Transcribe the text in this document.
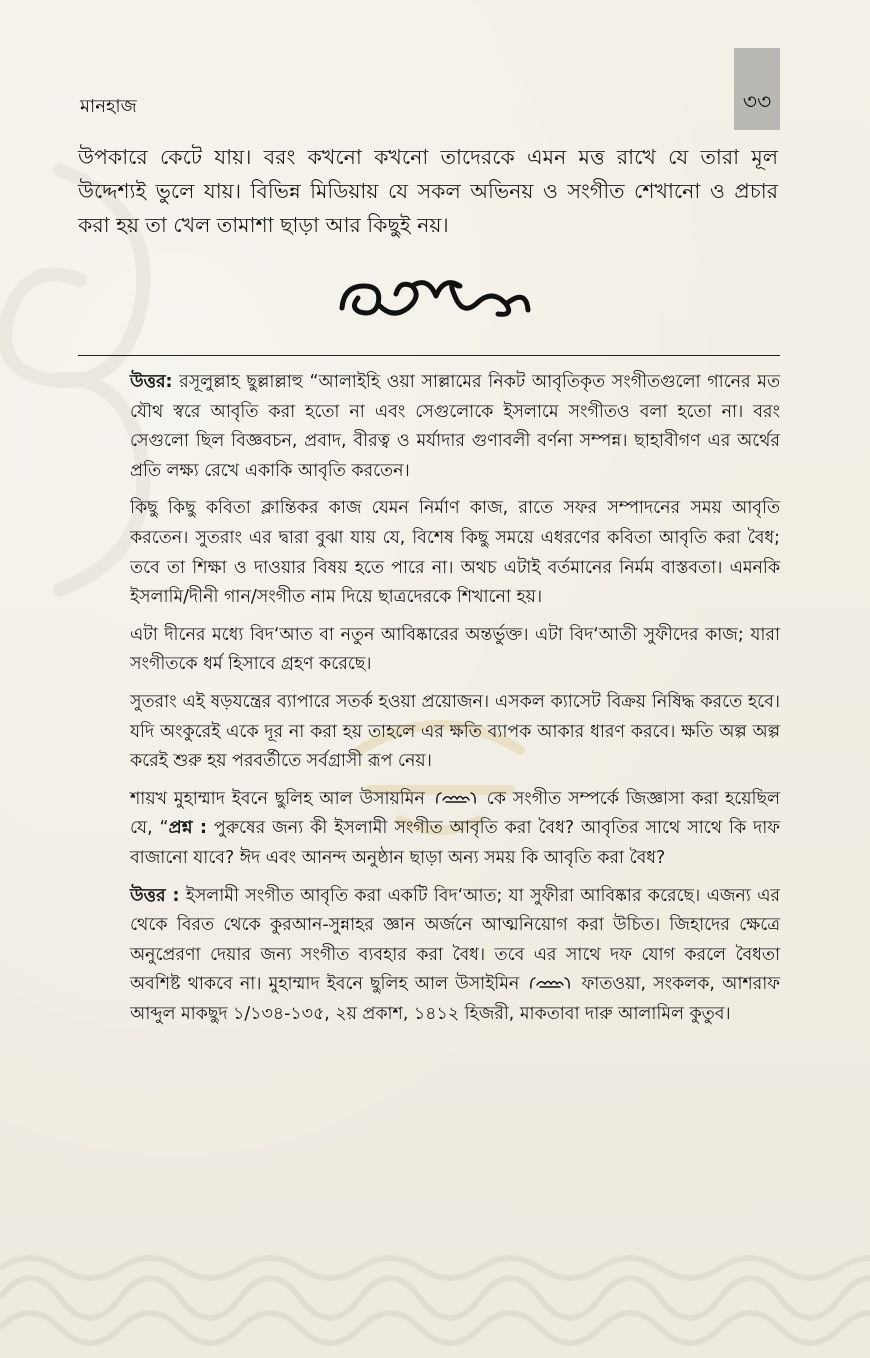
মানহাজ	৩৩

উপকারে কেটে যায়। বরং কখনো কখনো তাদেরকে এমন মত্ত রাখে যে তারা মূল উদ্দেশ্যই ভুলে যায়। বিভিন্ন মিডিয়ায় যে সকল অভিনয় ও সংগীত শেখানো ও প্রচার করা হয় তা খেল তামাশা ছাড়া আর কিছুই নয়।

উত্তর: রসূলুল্লাহ ছুল্লাল্লাহু “আলাইহি ওয়া সাল্লামের নিকট আবৃতিকৃত সংগীতগুলো গানের মত যৌথ স্বরে আবৃতি করা হতো না এবং সেগুলোকে ইসলামে সংগীতও বলা হতো না। বরং সেগুলো ছিল বিজ্ঞবচন, প্রবাদ, বীরত্ব ও মর্যাদার গুণাবলী বর্ণনা সম্পন্ন। ছাহাবীগণ এর অর্থের প্রতি লক্ষ্য রেখে একাকি আবৃতি করতেন।

কিছু কিছু কবিতা ক্লান্তিকর কাজ যেমন নির্মাণ কাজ, রাতে সফর সম্পাদনের সময় আবৃতি করতেন। সুতরাং এর দ্বারা বুঝা যায় যে, বিশেষ কিছু সময়ে এধরণের কবিতা আবৃতি করা বৈধ; তবে তা শিক্ষা ও দাওয়ার বিষয় হতে পারে না। অথচ এটাই বর্তমানের নির্মম বাস্তবতা। এমনকি ইসলামি/দীনী গান/সংগীত নাম দিয়ে ছাত্রদেরকে শিখানো হয়।

এটা দীনের মধ্যে বিদ‘আত বা নতুন আবিষ্কারের অন্তর্ভুক্ত। এটা বিদ‘আতী সুফীদের কাজ; যারা সংগীতকে ধর্ম হিসাবে গ্রহণ করেছে।

সুতরাং এই ষড়যন্ত্রের ব্যাপারে সতর্ক হওয়া প্রয়োজন। এসকল ক্যাসেট বিক্রয় নিষিদ্ধ করতে হবে। যদি অংকুরেই একে দূর না করা হয় তাহলে এর ক্ষতি ব্যাপক আকার ধারণ করবে। ক্ষতি অল্প অল্প করেই শুরু হয় পরবর্তীতে সর্বগ্রাসী রূপ নেয়।

শায়খ মুহাম্মাদ ইবনে ছুলিহ আল উসায়মিন	কে সংগীত সম্পর্কে জিজ্ঞাসা করা হয়েছিল যে, “প্রশ্ন : পুরুষের জন্য কী ইসলামী সংগীত আবৃতি করা বৈধ? আবৃতির সাথে সাথে কি দাফ বাজানো যাবে? ঈদ এবং আনন্দ অনুষ্ঠান ছাড়া অন্য সময় কি আবৃতি করা বৈধ?

উত্তর : ইসলামী সংগীত আবৃতি করা একটি বিদ‘আত; যা সুফীরা আবিষ্কার করেছে। এজন্য এর থেকে বিরত থেকে কুরআন-সুন্নাহর জ্ঞান অর্জনে আত্মনিয়োগ করা উচিত। জিহাদের ক্ষেত্রে অনুপ্রেরণা দেয়ার জন্য সংগীত ব্যবহার করা বৈধ। তবে এর সাথে দফ যোগ করলে বৈধতা অবশিষ্ট থাকবে না। মুহাম্মাদ ইবনে ছুলিহ আল উসাইমিন	ফাতওয়া, সংকলক, আশরাফ আব্দুল মাকছুদ ১/১৩৪-১৩৫, ২য় প্রকাশ, ১৪১২ হিজরী, মাকতাবা দারু আলামিল কুতুব।
